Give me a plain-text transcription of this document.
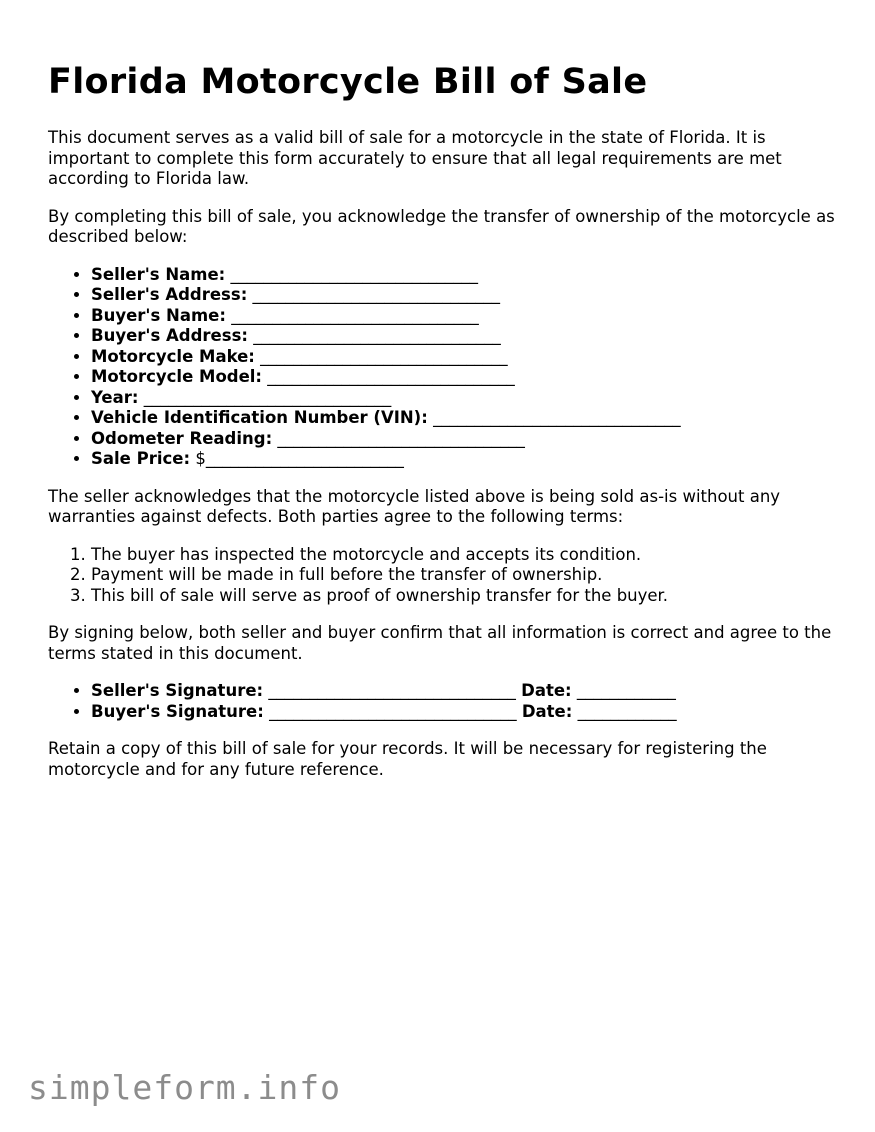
Florida Motorcycle Bill of Sale

This document serves as a valid bill of sale for a motorcycle in the state of Florida. It is important to complete this form accurately to ensure that all legal requirements are met according to Florida law.

By completing this bill of sale, you acknowledge the transfer of ownership of the motorcycle as described below:

• Seller's Name: ______________________________
• Seller's Address: ______________________________
• Buyer's Name: ______________________________
• Buyer's Address: ______________________________
• Motorcycle Make: ______________________________
• Motorcycle Model: ______________________________
• Year: ______________________________
• Vehicle Identification Number (VIN): ______________________________
• Odometer Reading: ______________________________
• Sale Price: $________________________

The seller acknowledges that the motorcycle listed above is being sold as-is without any warranties against defects. Both parties agree to the following terms:

1. The buyer has inspected the motorcycle and accepts its condition.
2. Payment will be made in full before the transfer of ownership.
3. This bill of sale will serve as proof of ownership transfer for the buyer.

By signing below, both seller and buyer confirm that all information is correct and agree to the terms stated in this document.

• Seller's Signature: ______________________________ Date: ____________
• Buyer's Signature: ______________________________ Date: ____________

Retain a copy of this bill of sale for your records. It will be necessary for registering the motorcycle and for any future reference.

simpleform.info
